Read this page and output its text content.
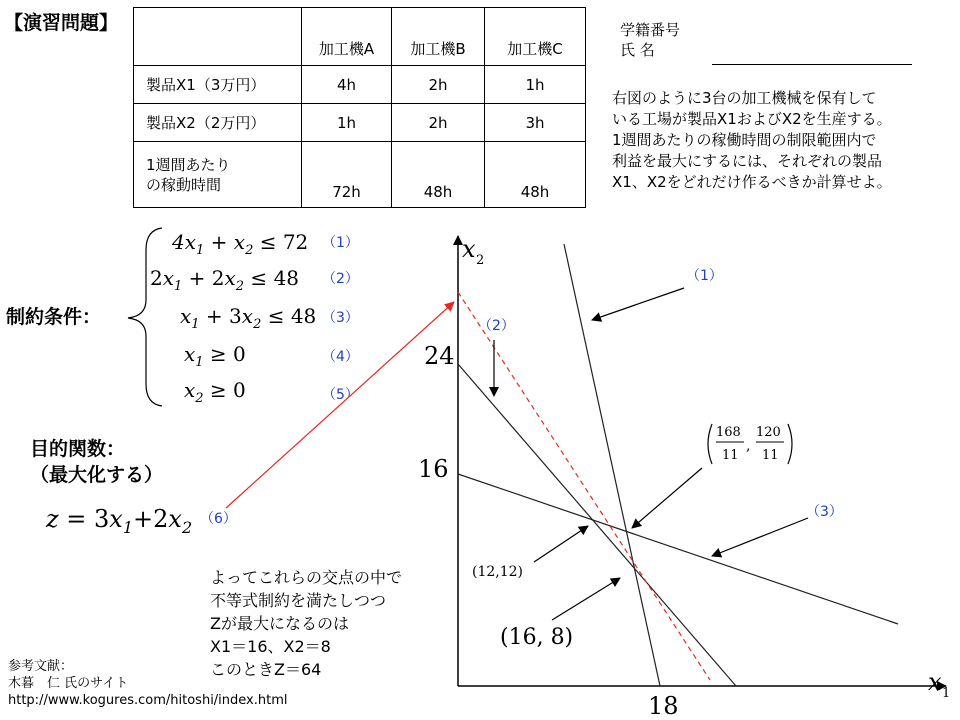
【演習問題】
	加工機A	加工機B	加工機C
製品X1（3万円）	4h	2h	1h
製品X2（2万円）	1h	2h	3h

1週間あたり
の稼動時間	72h	48h	48h
学籍番号
氏 名
右図のように3台の加工機械を保有して
いる工場が製品X1およびX2を生産する。
1週間あたりの稼働時間の制限範囲内で
利益を最大にするには、それぞれの製品
X1、X2をどれだけ作るべきか計算せよ。
制約条件：
$4x_1 + x_2 \le 72$ （1）
$2x_1 + 2x_2 \le 48$ （2）
$x_1 + 3x_2 \le 48$ （3）
$x_1 \ge 0$	（4）
$x_2 \ge 0$	（5）
目的関数：
（最大化する）
$z = 3x_1+2x_2$ （6）
よってこれらの交点の中で
不等式制約を満たしつつ
Zが最大になるのは
X1＝16、X2＝8
このときZ＝64
参考文献：
木暮　仁 氏のサイト
http://www.kogures.com/hitoshi/index.html
x 2
x 1
24
16
18
（1）
（2）
（3）
168
11
,
120
11
(12,12)
(16, 8)
